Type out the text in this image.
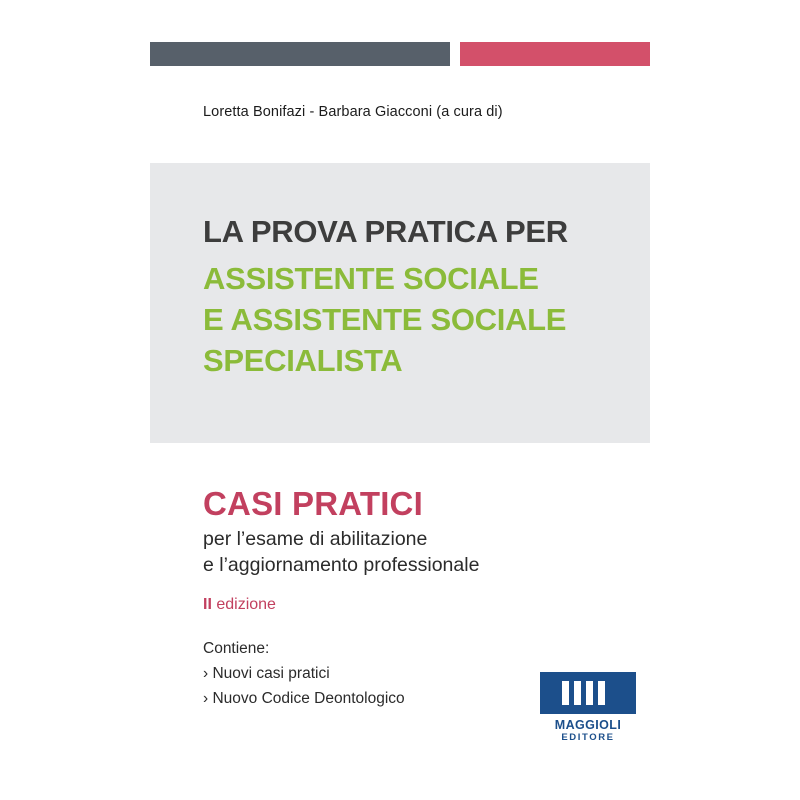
Loretta Bonifazi - Barbara Giacconi (a cura di)
LA PROVA PRATICA PER
ASSISTENTE SOCIALE
E ASSISTENTE SOCIALE
SPECIALISTA
CASI PRATICI
per l’esame di abilitazione
e l’aggiornamento professionale
II edizione
Contiene:
› Nuovi casi pratici
› Nuovo Codice Deontologico
MAGGIOLI
EDITORE
